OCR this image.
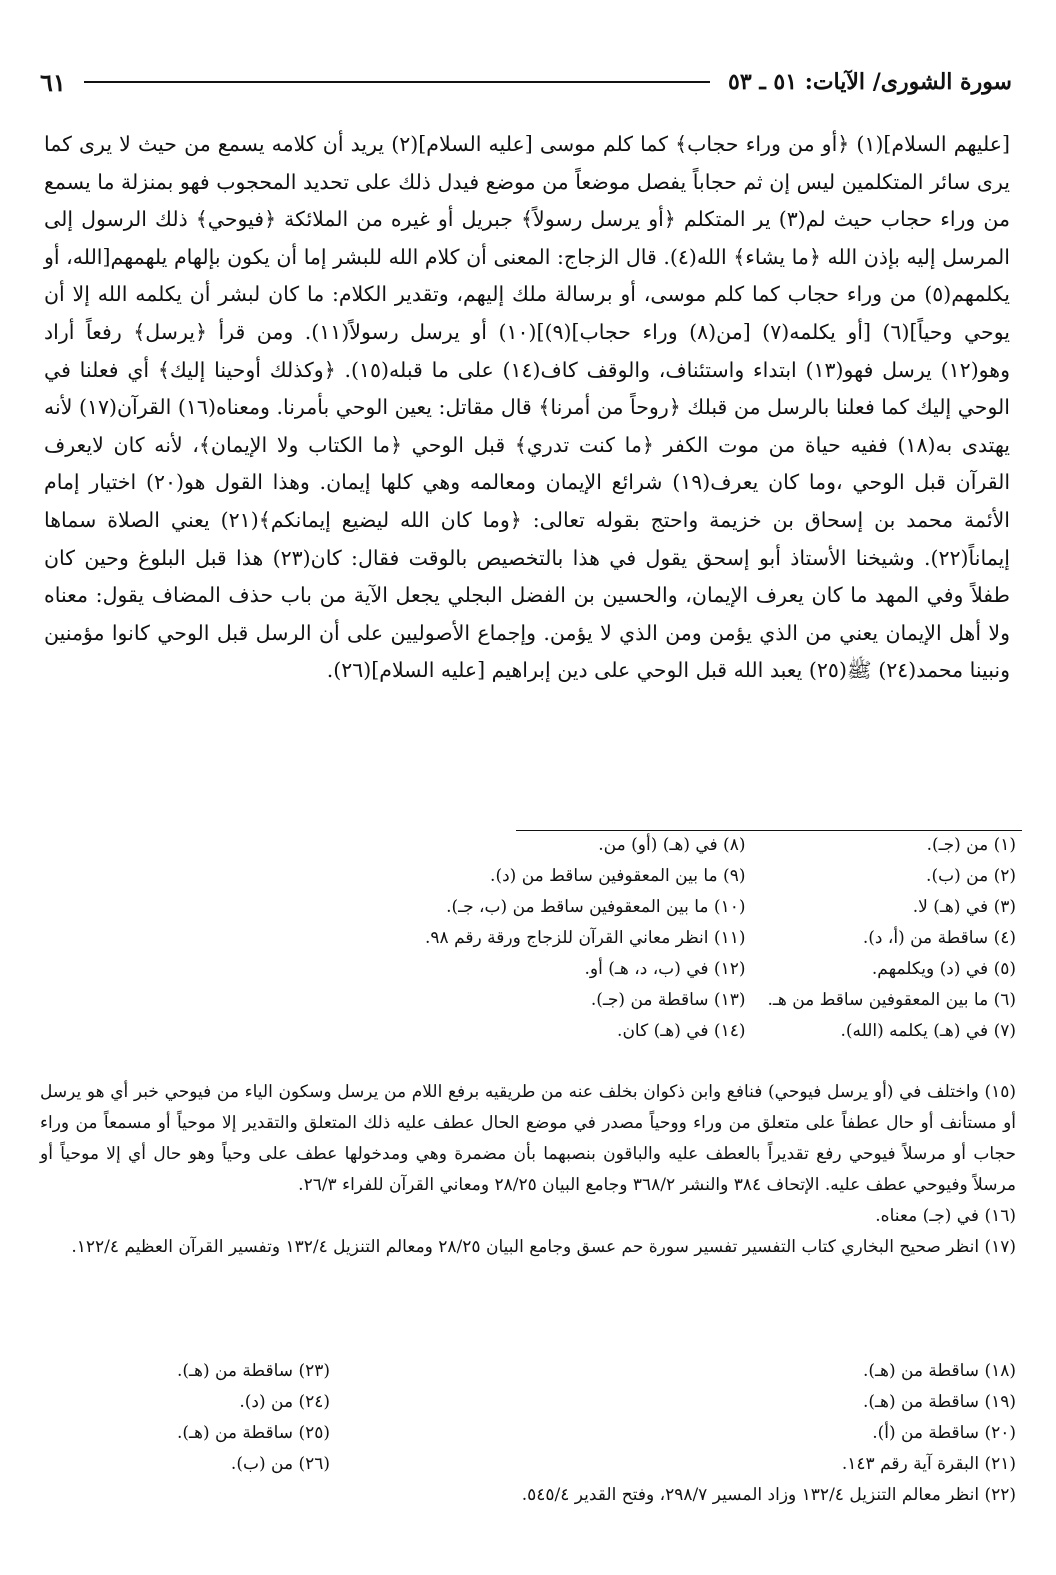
سورة الشورى/ الآيات: ٥١ ـ ٥٣
٦١

[عليهم السلام](١) ﴿أو من وراء حجاب﴾ كما كلم موسى [عليه السلام](٢) يريد أن كلامه يسمع من حيث لا يرى كما يرى سائر المتكلمين ليس إن ثم حجاباً يفصل موضعاً من موضع فيدل ذلك على تحديد المحجوب فهو بمنزلة ما يسمع من وراء حجاب حيث لم(٣) ير المتكلم ﴿أو يرسل رسولاً﴾ جبريل أو غيره من الملائكة ﴿فيوحي﴾ ذلك الرسول إلى المرسل إليه بإذن الله ﴿ما يشاء﴾ الله(٤). قال الزجاج: المعنى أن كلام الله للبشر إما أن يكون بإلهام يلهمهم[الله، أو يكلمهم(٥) من وراء حجاب كما كلم موسى، أو برسالة ملك إليهم، وتقدير الكلام: ما كان لبشر أن يكلمه الله إلا أن يوحي وحياً](٦) [أو يكلمه(٧) [من(٨) وراء حجاب](٩)](١٠) أو يرسل رسولاً(١١). ومن قرأ ﴿يرسل﴾ رفعاً أراد وهو(١٢) يرسل فهو(١٣) ابتداء واستئناف، والوقف كاف(١٤) على ما قبله(١٥). ﴿وكذلك أوحينا إليك﴾ أي فعلنا في الوحي إليك كما فعلنا بالرسل من قبلك ﴿روحاً من أمرنا﴾ قال مقاتل: يعين الوحي بأمرنا. ومعناه(١٦) القرآن(١٧) لأنه يهتدى به(١٨) ففيه حياة من موت الكفر ﴿ما كنت تدري﴾ قبل الوحي ﴿ما الكتاب ولا الإيمان﴾، لأنه كان لايعرف القرآن قبل الوحي ،وما كان يعرف(١٩) شرائع الإيمان ومعالمه وهي كلها إيمان. وهذا القول هو(٢٠) اختيار إمام الأئمة محمد بن إسحاق بن خزيمة واحتج بقوله تعالى: ﴿وما كان الله ليضيع إيمانكم﴾(٢١) يعني الصلاة سماها إيماناً(٢٢). وشيخنا الأستاذ أبو إسحق يقول في هذا بالتخصيص بالوقت فقال: كان(٢٣) هذا قبل البلوغ وحين كان طفلاً وفي المهد ما كان يعرف الإيمان، والحسين بن الفضل البجلي يجعل الآية من باب حذف المضاف يقول: معناه ولا أهل الإيمان يعني من الذي يؤمن ومن الذي لا يؤمن. وإجماع الأصوليين على أن الرسل قبل الوحي كانوا مؤمنين ونبينا محمد(٢٤) ﷺ(٢٥) يعبد الله قبل الوحي على دين إبراهيم [عليه السلام](٢٦).

(١) من (جـ).
(٢) من (ب).
(٣) في (هـ) لا.
(٤) ساقطة من (أ، د).
(٥) في (د) ويكلمهم.
(٦) ما بين المعقوفين ساقط من هـ.
(٧) في (هـ) يكلمه (الله).
(٨) في (هـ) (أو) من.
(٩) ما بين المعقوفين ساقط من (د).
(١٠) ما بين المعقوفين ساقط من (ب، جـ).
(١١) انظر معاني القرآن للزجاج ورقة رقم ٩٨.
(١٢) في (ب، د، هـ) أو.
(١٣) ساقطة من (جـ).
(١٤) في (هـ) كان.

(١٥) واختلف في (أو يرسل فيوحي) فنافع وابن ذكوان بخلف عنه من طريقيه برفع اللام من يرسل وسكون الياء من فيوحي خبر أي هو يرسل أو مستأنف أو حال عطفاً على متعلق من وراء ووحياً مصدر في موضع الحال عطف عليه ذلك المتعلق والتقدير إلا موحياً أو مسمعاً من وراء حجاب أو مرسلاً فيوحي رفع تقديراً بالعطف عليه والباقون بنصبهما بأن مضمرة وهي ومدخولها عطف على وحياً وهو حال أي إلا موحياً أو مرسلاً وفيوحي عطف عليه. الإتحاف ٣٨٤ والنشر ٣٦٨/٢ وجامع البيان ٢٨/٢٥ ومعاني القرآن للفراء ٢٦/٣.

(١٦) في (جـ) معناه.
(١٧) انظر صحيح البخاري كتاب التفسير تفسير سورة حم عسق وجامع البيان ٢٨/٢٥ ومعالم التنزيل ١٣٢/٤ وتفسير القرآن العظيم ١٢٢/٤.
(١٨) ساقطة من (هـ).
(١٩) ساقطة من (هـ).
(٢٠) ساقطة من (أ).
(٢١) البقرة آية رقم ١٤٣.
(٢٢) انظر معالم التنزيل ١٣٢/٤ وزاد المسير ٢٩٨/٧، وفتح القدير ٥٤٥/٤.
(٢٣) ساقطة من (هـ).
(٢٤) من (د).
(٢٥) ساقطة من (هـ).
(٢٦) من (ب).
